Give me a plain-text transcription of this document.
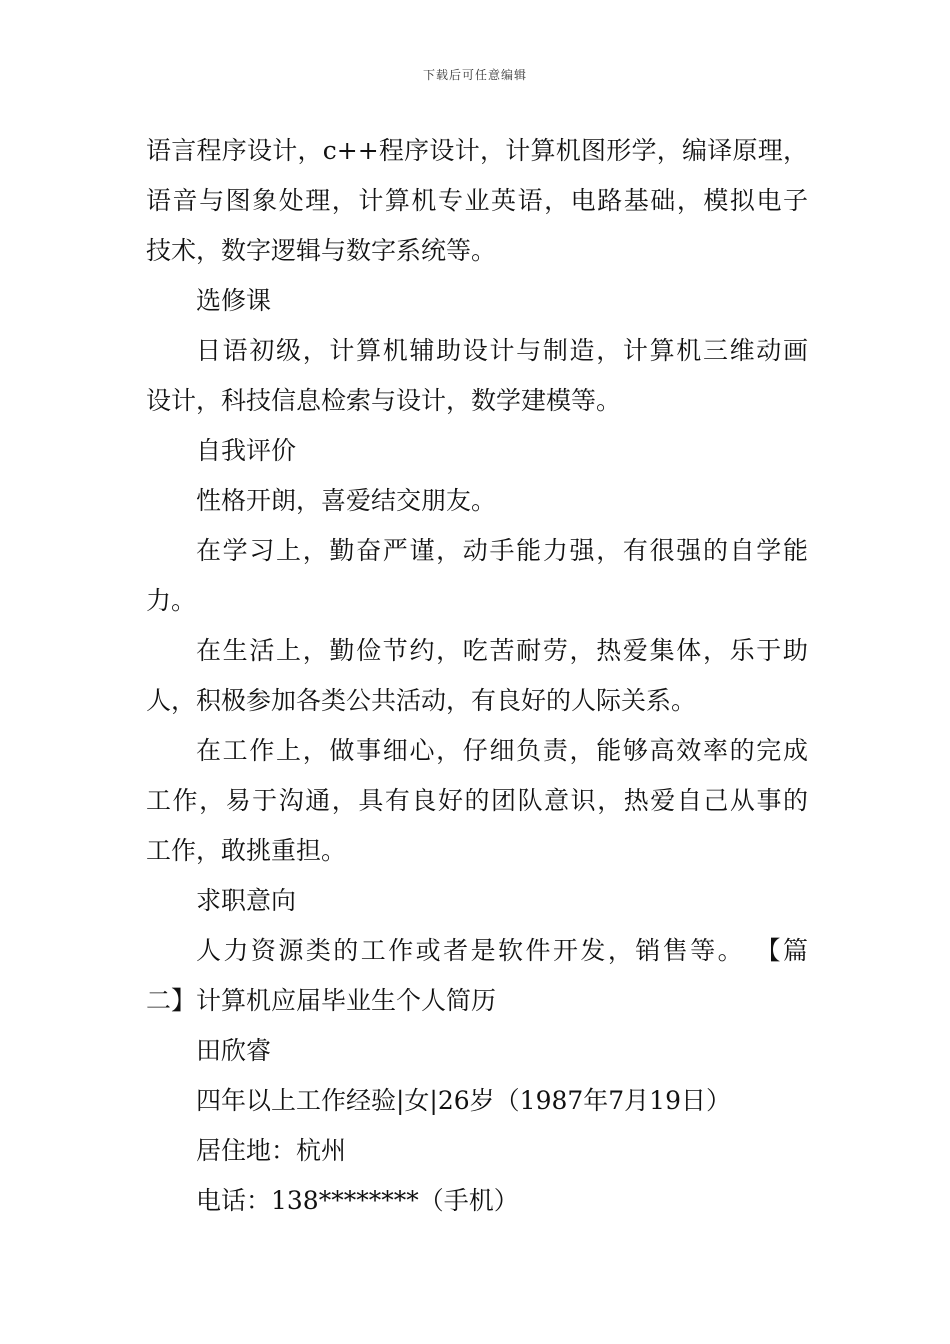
下载后可任意编辑
语言程序设计，c++程序设计，计算机图形学，编译原理，
语音与图象处理，计算机专业英语，电路基础，模拟电子
技术，数字逻辑与数字系统等。
选修课
日语初级，计算机辅助设计与制造，计算机三维动画
设计，科技信息检索与设计，数学建模等。
自我评价
性格开朗，喜爱结交朋友。
在学习上，勤奋严谨，动手能力强，有很强的自学能
力。
在生活上，勤俭节约，吃苦耐劳，热爱集体，乐于助
人，积极参加各类公共活动，有良好的人际关系。
在工作上，做事细心，仔细负责，能够高效率的完成
工作，易于沟通，具有良好的团队意识，热爱自己从事的
工作，敢挑重担。
求职意向
人力资源类的工作或者是软件开发，销售等。 【篇
二】计算机应届毕业生个人简历
田欣睿
四年以上工作经验|女|26岁（1987年7月19日）
居住地：杭州
电话：138********（手机）
